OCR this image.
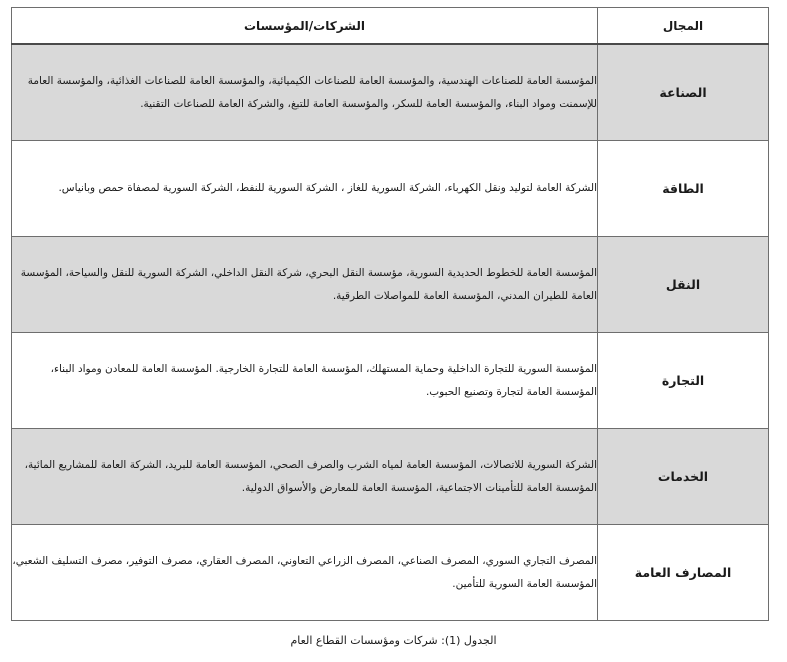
المجال	الشركات/المؤسسات
الصناعة	المؤسسة العامة للصناعات الهندسية، والمؤسسة العامة للصناعات الكيميائية، والمؤسسة العامة للصناعات الغذائية، والمؤسسة العامة للإسمنت ومواد البناء، والمؤسسة العامة للسكر، والمؤسسة العامة للتبغ، والشركة العامة للصناعات التقنية.
الطاقة	الشركة العامة لتوليد ونقل الكهرباء، الشركة السورية للغاز ، الشركة السورية للنفط، الشركة السورية لمصفاة حمص وبانياس.
النقل	المؤسسة العامة للخطوط الحديدية السورية، مؤسسة النقل البحري، شركة النقل الداخلي، الشركة السورية للنقل والسياحة، المؤسسة العامة للطيران المدني، المؤسسة العامة للمواصلات الطرقية.
التجارة	المؤسسة السورية للتجارة الداخلية وحماية المستهلك، المؤسسة العامة للتجارة الخارجية. المؤسسة العامة للمعادن ومواد البناء، المؤسسة العامة لتجارة وتصنيع الحبوب.
الخدمات	الشركة السورية للاتصالات، المؤسسة العامة لمياه الشرب والصرف الصحي، المؤسسة العامة للبريد، الشركة العامة للمشاريع المائية، المؤسسة العامة للتأمينات الاجتماعية، المؤسسة العامة للمعارض والأسواق الدولية.
المصارف العامة	المصرف التجاري السوري، المصرف الصناعي، المصرف الزراعي التعاوني، المصرف العقاري، مصرف التوفير، مصرف التسليف الشعبي، المؤسسة العامة السورية للتأمين.
الجدول (1): شركات ومؤسسات القطاع العام
